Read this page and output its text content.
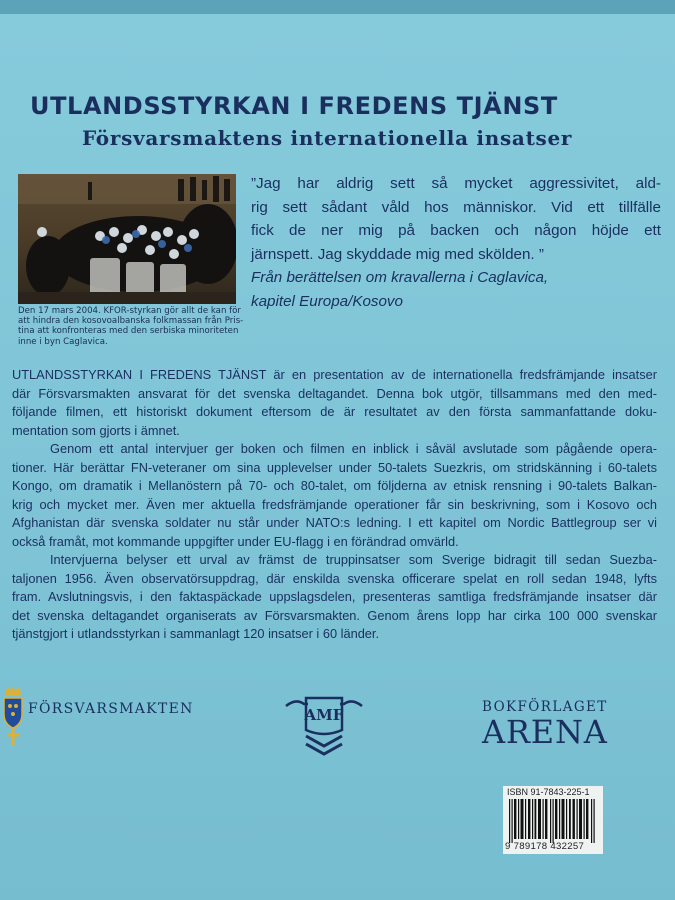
UTLANDSSTYRKAN I FREDENS TJÄNST
Försvarsmaktens internationella insatser
Den 17 mars 2004. KFOR-styrkan gör allt de kan för
att hindra den kosovoalbanska folkmassan från Pris-
tina att konfronteras med den serbiska minoriteten
inne i byn Caglavica.
”Jag har aldrig sett så mycket aggressivitet, ald-
rig sett sådant våld hos människor. Vid ett tillfälle
fick de ner mig på backen och någon höjde ett
järnspett. Jag skyddade mig med skölden. ”
Från berättelsen om kravallerna i Caglavica,
kapitel Europa/Kosovo
UTLANDSSTYRKAN I FREDENS TJÄNST är en presentation av de internationella fredsfrämjande insatser
där Försvarsmakten ansvarat för det svenska deltagandet. Denna bok utgör, tillsammans med den med-
följande filmen, ett historiskt dokument eftersom de är resultatet av den första sammanfattande doku-
mentation som gjorts i ämnet.
Genom ett antal intervjuer ger boken och filmen en inblick i såväl avslutade som pågående opera-
tioner. Här berättar FN-veteraner om sina upplevelser under 50-talets Suezkris, om stridskänning i 60-talets
Kongo, om dramatik i Mellanöstern på 70- och 80-talet, om följderna av etnisk rensning i 90-talets Balkan-
krig och mycket mer. Även mer aktuella fredsfrämjande operationer får sin beskrivning, som i Kosovo och
Afghanistan där svenska soldater nu står under NATO:s ledning. I ett kapitel om Nordic Battlegroup ser vi
också framåt, mot kommande uppgifter under EU-flagg i en förändrad omvärld.
Intervjuerna belyser ett urval av främst de truppinsatser som Sverige bidragit till sedan Suezba-
taljonen 1956. Även observatörsuppdrag, där enskilda svenska officerare spelat en roll sedan 1948, lyfts
fram. Avslutningsvis, i den faktaspäckade uppslagsdelen, presenteras samtliga fredsfrämjande insatser där
det svenska deltagandet organiserats av Försvarsmakten. Genom årens lopp har cirka 100 000 svenskar
tjänstgjort i utlandsstyrkan i sammanlagt 120 insatser i 60 länder.
FÖRSVARSMAKTEN	AMF	BOKFÖRLAGET
ARENA
ISBN 91-7843-225-1
9 789178 432257
